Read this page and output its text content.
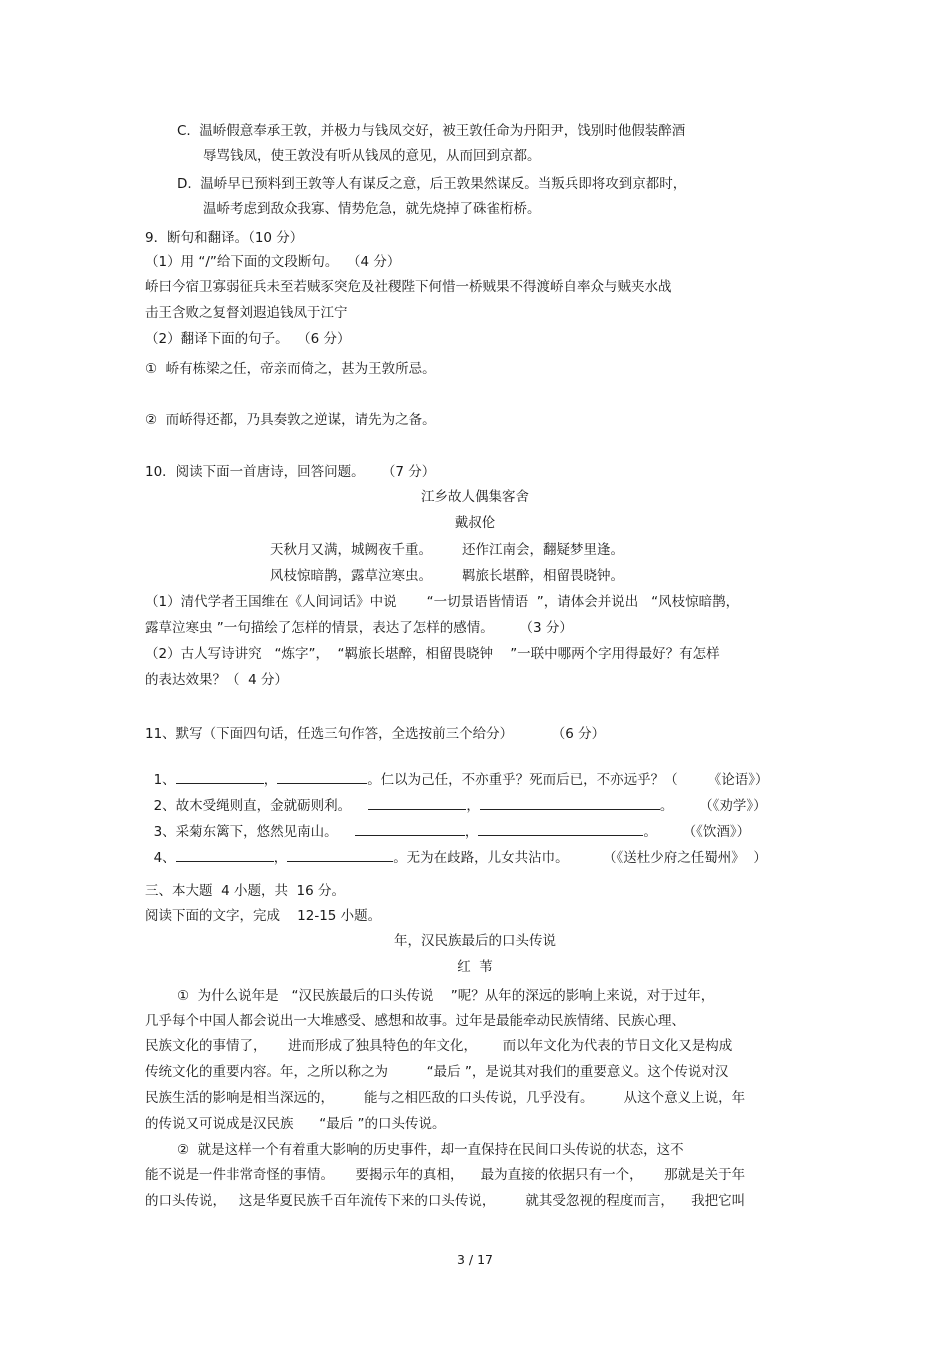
C.  温峤假意奉承王敦，并极力与钱凤交好，被王敦任命为丹阳尹，饯别时他假装醉酒
辱骂钱凤，使王敦没有听从钱凤的意见，从而回到京都。
D.  温峤早已预料到王敦等人有谋反之意，后王敦果然谋反。当叛兵即将攻到京都时，
温峤考虑到敌众我寡、情势危急，就先烧掉了硃雀桁桥。
9．断句和翻译。（10 分）
（1）用 “/”给下面的文段断句。  （4 分）
峤曰今宿卫寡弱征兵未至若贼豕突危及社稷陛下何惜一桥贼果不得渡峤自率众与贼夹水战
击王含败之复督刘遐追钱凤于江宁
（2）翻译下面的句子。  （6 分）
①  峤有栋梁之任，帝亲而倚之，甚为王敦所忌。
②  而峤得还都，乃具奏敦之逆谋，请先为之备。
10．阅读下面一首唐诗，回答问题。    （7 分）
江乡故人偶集客舍
戴叔伦
天秋月又满，城阙夜千重。       还作江南会，翻疑梦里逢。
风枝惊暗鹊，露草泣寒虫。       羁旅长堪醉，相留畏晓钟。
（1）清代学者王国维在《人间词话》中说       “一切景语皆情语  ”，请体会并说出   “风枝惊暗鹊，
露草泣寒虫 ”一句描绘了怎样的情景，表达了怎样的感情。      （3 分）
（2）古人写诗讲究   “炼字”，  “羁旅长堪醉，相留畏晓钟    ”一联中哪两个字用得最好？有怎样
的表达效果？（  4 分）
11、默写（下面四句话，任选三句作答，全选按前三个给分）         （6 分）

1、	，	。仁以为己任，不亦重乎？死而后已，不亦远乎？（       《论语》）

2、故木受绳则直，金就砺则利。	，	。      （《劝学》）

3、采菊东篱下，悠然见南山。	，	。      （《饮酒》）

4、	，	。无为在歧路，儿女共沾巾。        （《送杜少府之任蜀州》  ）

三、本大题  4 小题，共  16 分。
阅读下面的文字，完成    12-15 小题。
年，汉民族最后的口头传说
红  苇
①  为什么说年是   “汉民族最后的口头传说    ”呢？从年的深远的影响上来说，对于过年，
几乎每个中国人都会说出一大堆感受、感想和故事。过年是最能牵动民族情绪、民族心理、
民族文化的事情了，     进而形成了独具特色的年文化，      而以年文化为代表的节日文化又是构成
传统文化的重要内容。年，之所以称之为         “最后 ”，是说其对我们的重要意义。这个传说对汉
民族生活的影响是相当深远的，       能与之相匹敌的口头传说，几乎没有。       从这个意义上说，年
的传说又可说成是汉民族      “最后 ”的口头传说。
②  就是这样一个有着重大影响的历史事件，却一直保持在民间口头传说的状态，这不
能不说是一件非常奇怪的事情。     要揭示年的真相，    最为直接的依据只有一个，     那就是关于年
的口头传说，   这是华夏民族千百年流传下来的口头传说，       就其受忽视的程度而言，    我把它叫
3 / 17
